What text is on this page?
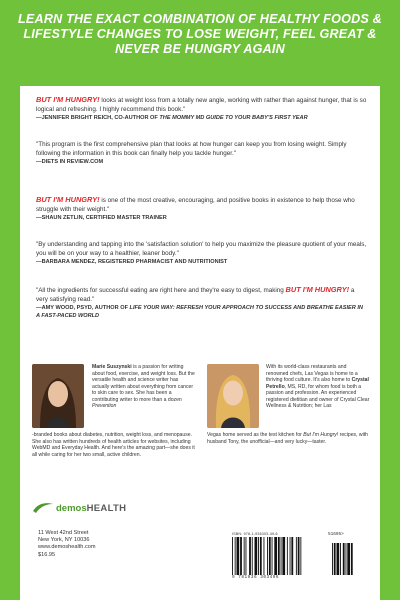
LEARN THE EXACT COMBINATION OF HEALTHY FOODS & LIFESTYLE CHANGES TO LOSE WEIGHT, FEEL GREAT & NEVER BE HUNGRY AGAIN
BUT I'M HUNGRY! looks at weight loss from a totally new angle, working with rather than against hunger, that is so logical and refreshing. I highly recommend this book."
—JENNIFER BRIGHT REICH, CO-AUTHOR OF THE MOMMY MD GUIDE TO YOUR BABY'S FIRST YEAR
"This program is the first comprehensive plan that looks at how hunger can keep you from losing weight. Simply following the information in this book can finally help you tackle hunger."
—DIETS IN REVIEW.COM
BUT I'M HUNGRY! is one of the most creative, encouraging, and positive books in existence to help those who struggle with their weight."
—SHAUN ZETLIN, CERTIFIED MASTER TRAINER
"By understanding and tapping into the 'satisfaction solution' to help you maximize the pleasure quotient of your meals, you will be on your way to a healthier, leaner body."
—BARBARA MENDEZ, REGISTERED PHARMACIST AND NUTRITIONIST
"All the ingredients for successful eating are right here and they're easy to digest, making BUT I'M HUNGRY! a very satisfying read."
—AMY WOOD, PSYD, AUTHOR OF LIFE YOUR WAY: REFRESH YOUR APPROACH TO SUCCESS AND BREATHE EASIER IN A FAST-PACED WORLD
Marie Suszynski is a passion for writing about food, exercise, and weight loss. But the versatile health and science writer has actually written about everything from cancer to skin care to sex. She has been a contributing writer to more than a dozen Prevention
-branded books about diabetes, nutrition, weight loss, and menopause. She also has written hundreds of health articles for websites, including WebMD and Everyday Health. And here's the amazing part—she does it all while caring for her two small, active children.
With its world-class restaurants and renowned chefs, Las Vegas is home to a thriving food culture. It's also home to Crystal Petrello, MS, RD, for whom food is both a passion and profession. An experienced registered dietitian and owner of Crystal Clear Wellness & Nutrition; her Las
Vegas home served as the test kitchen for But I'm Hungry! recipes, with husband Tony, the unofficial—and very lucky—taster.
demosHEALTH
11 West 42nd Street
New York, NY 10036
www.demoshealth.com
$16.95
ISBN: 978-1-936303-49-6	51695>
9 781936 303496
